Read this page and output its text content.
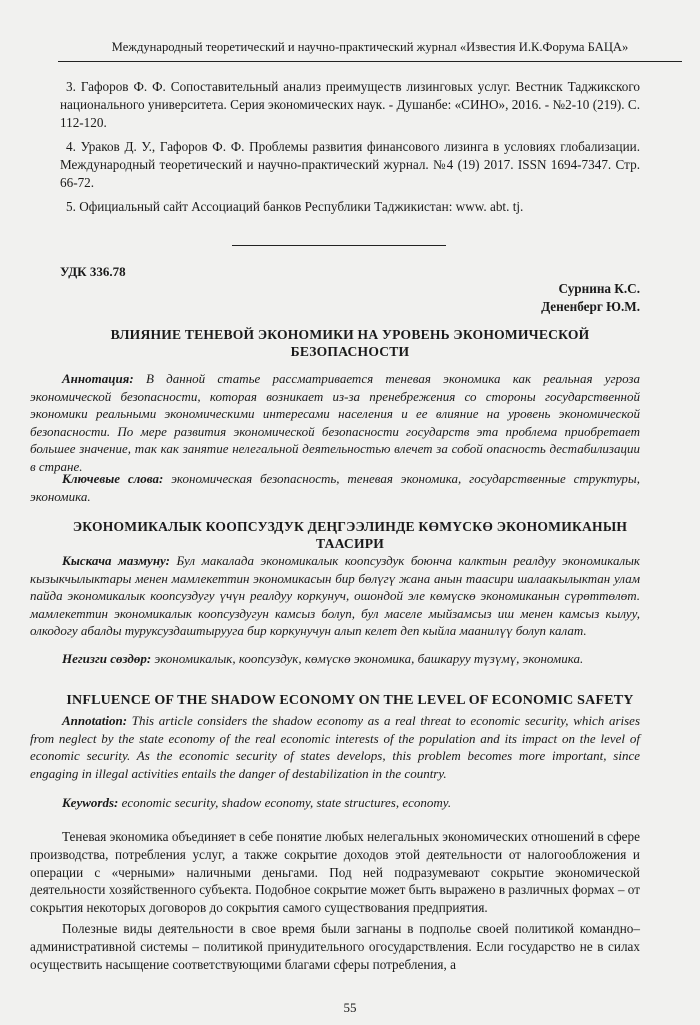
Международный теоретический и научно-практический журнал «Известия И.К.Форума БАЦА»

3. Гафоров Ф. Ф. Сопоставительный анализ преимуществ лизинговых услуг. Вестник Таджикского национального университета. Серия экономических наук. - Душанбе: «СИНО», 2016. - №2-10 (219). С. 112-120.

4. Ураков Д. У., Гафоров Ф. Ф. Проблемы развития финансового лизинга в условиях глобализации. Международный теоретический и научно-практический журнал. №4 (19) 2017. ISSN 1694-7347. Стр. 66-72.

5. Официальный сайт Ассоциаций банков Республики Таджикистан: www. abt. tj.

УДК 336.78
Сурнина К.С.
Дененберг Ю.М.
ВЛИЯНИЕ ТЕНЕВОЙ ЭКОНОМИКИ НА УРОВЕНЬ ЭКОНОМИЧЕСКОЙ БЕЗОПАСНОСТИ

Аннотация: В данной статье рассматривается теневая экономика как реальная угроза экономической безопасности, которая возникает из-за пренебрежения со стороны государственной экономики реальными экономическими интересами населения и ее влияние на уровень экономической безопасности. По мере развития экономической безопасности государств эта проблема приобретает большее значение, так как занятие нелегальной деятельностью влечет за собой опасность дестабилизации в стране.

Ключевые слова: экономическая безопасность, теневая экономика, государственные структуры, экономика.

ЭКОНОМИКАЛЫК КООПСУЗДУК ДЕҢГЭЭЛИНДЕ КӨМҮСКӨ ЭКОНОМИКАНЫН ТААСИРИ

Кыскача мазмуну: Бул макалада экономикалык коопсуздук боюнча калктын реалдуу экономикалык кызыкчылыктары менен мамлекеттин экономикасын бир бөлүгү жана анын таасири шалаакылыктан улам пайда экономикалык коопсуздугу үчүн реалдуу коркунуч, ошондой эле көмүскө экономиканын сүрөттөлөт. мамлекеттин экономикалык коопсуздугун камсыз болуп, бул маселе мыйзамсыз иш менен камсыз кылуу, олкодогу абалды туруксуздаштырууга бир коркунучун алып келет деп кыйла маанилүү болуп калат.

Негизги сөздөр: экономикалык, коопсуздук, көмүскө экономика, башкаруу түзүмү, экономика.

INFLUENCE OF THE SHADOW ECONOMY ON THE LEVEL OF ECONOMIC SAFETY

Annotation: This article considers the shadow economy as a real threat to economic security, which arises from neglect by the state economy of the real economic interests of the population and its impact on the level of economic security. As the economic security of states develops, this problem becomes more important, since engaging in illegal activities entails the danger of destabilization in the country.

Keywords: economic security, shadow economy, state structures, economy.

Теневая экономика объединяет в себе понятие любых нелегальных экономических отношений в сфере производства, потребления услуг, а также сокрытие доходов этой деятельности от налогообложения и операции с «черными» наличными деньгами. Под ней подразумевают сокрытие экономической деятельности хозяйственного субъекта. Подобное сокрытие может быть выражено в различных формах – от сокрытия некоторых договоров до сокрытия самого существования предприятия.

Полезные виды деятельности в свое время были загнаны в подполье своей политикой командно– административной системы – политикой принудительного огосударствления. Если государство не в силах осуществить насыщение соответствующими благами сферы потребления, а

55
